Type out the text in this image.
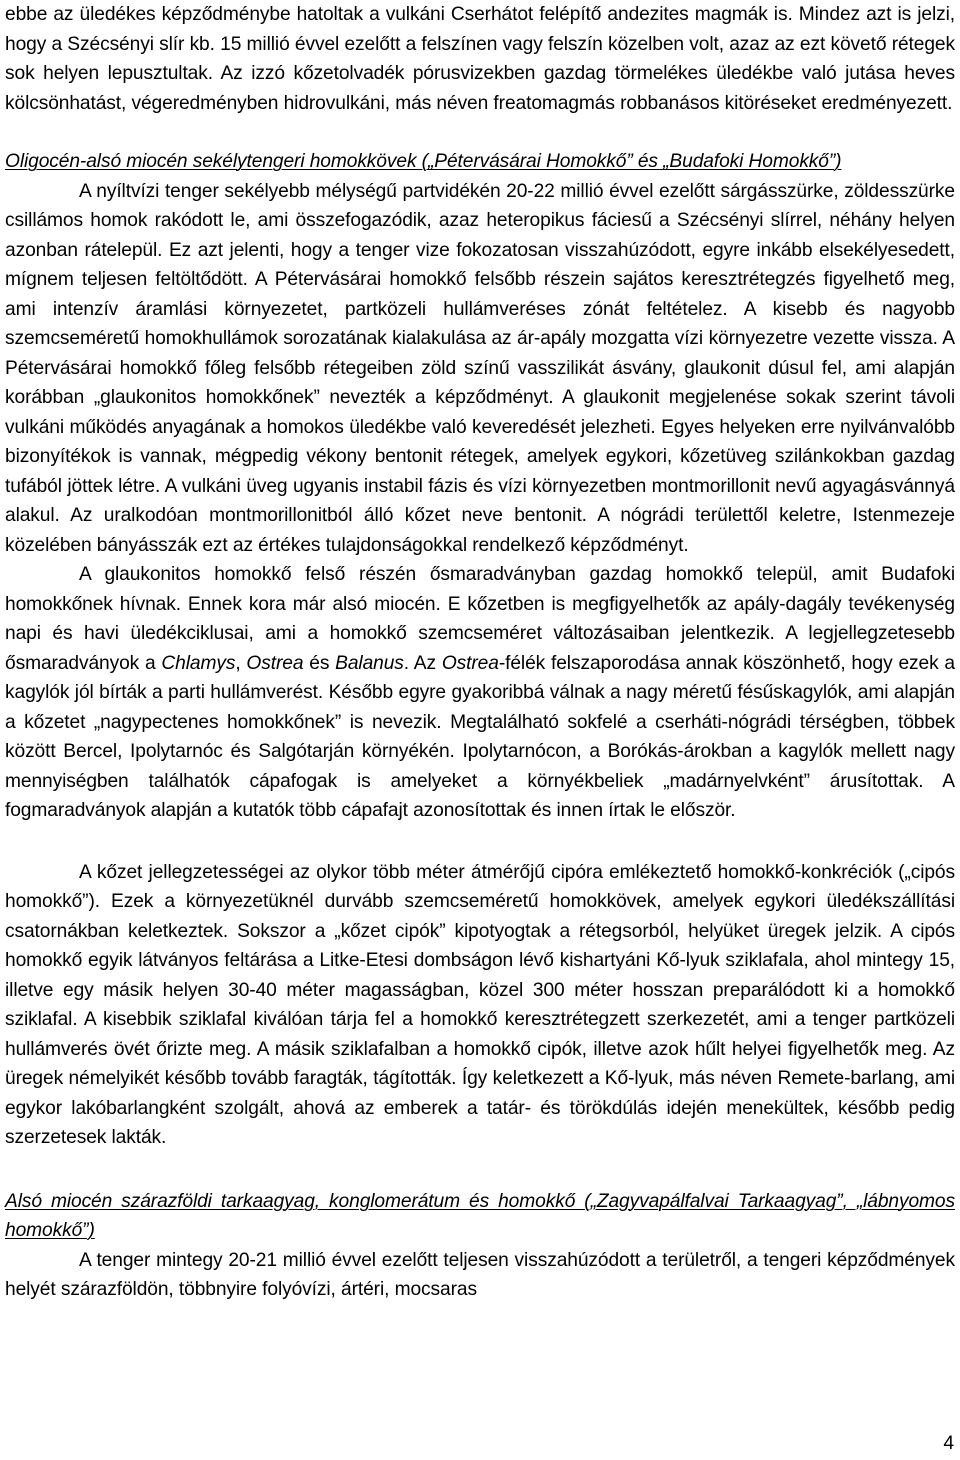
ebbe az üledékes képződménybe hatoltak a vulkáni Cserhátot felépítő andezites magmák is. Mindez azt is jelzi, hogy a Szécsényi slír kb. 15 millió évvel ezelőtt a felszínen vagy felszín közelben volt, azaz az ezt követő rétegek sok helyen lepusztultak. Az izzó kőzetolvadék pórusvizekben gazdag törmelékes üledékbe való jutása heves kölcsönhatást, végeredményben hidrovulkáni, más néven freatomagmás robbanásos kitöréseket eredményezett.

Oligocén-alsó miocén sekélytengeri homokkövek („Pétervásárai Homokkő” és „Budafoki Homokkő”)

A nyíltvízi tenger sekélyebb mélységű partvidékén 20-22 millió évvel ezelőtt sárgásszürke, zöldesszürke csillámos homok rakódott le, ami összefogazódik, azaz heteropikus fáciesű a Szécsényi slírrel, néhány helyen azonban rátelepül. Ez azt jelenti, hogy a tenger vize fokozatosan visszahúzódott, egyre inkább elsekélyesedett, mígnem teljesen feltöltődött. A Pétervásárai homokkő felsőbb részein sajátos keresztrétegzés figyelhető meg, ami intenzív áramlási környezetet, partközeli hullámveréses zónát feltételez. A kisebb és nagyobb szemcseméretű homokhullámok sorozatának kialakulása az ár-apály mozgatta vízi környezetre vezette vissza. A Pétervásárai homokkő főleg felsőbb rétegeiben zöld színű vasszilikát ásvány, glaukonit dúsul fel, ami alapján korábban „glaukonitos homokkőnek” nevezték a képződményt. A glaukonit megjelenése sokak szerint távoli vulkáni működés anyagának a homokos üledékbe való keveredését jelezheti. Egyes helyeken erre nyilvánvalóbb bizonyítékok is vannak, mégpedig vékony bentonit rétegek, amelyek egykori, kőzetüveg szilánkokban gazdag tufából jöttek létre. A vulkáni üveg ugyanis instabil fázis és vízi környezetben montmorillonit nevű agyagásvánnyá alakul. Az uralkodóan montmorillonitból álló kőzet neve bentonit. A nógrádi területtől keletre, Istenmezeje közelében bányásszák ezt az értékes tulajdonságokkal rendelkező képződményt.

A glaukonitos homokkő felső részén ősmaradványban gazdag homokkő települ, amit Budafoki homokkőnek hívnak. Ennek kora már alsó miocén. E kőzetben is megfigyelhetők az apály-dagály tevékenység napi és havi üledékciklusai, ami a homokkő szemcseméret változásaiban jelentkezik. A legjellegzetesebb ősmaradványok a Chlamys, Ostrea és Balanus. Az Ostrea-félék felszaporodása annak köszönhető, hogy ezek a kagylók jól bírták a parti hullámverést. Később egyre gyakoribbá válnak a nagy méretű fésűskagylók, ami alapján a kőzetet „nagypectenes homokkőnek” is nevezik. Megtalálható sokfelé a cserháti-nógrádi térségben, többek között Bercel, Ipolytarnóc és Salgótarján környékén. Ipolytarnócon, a Borókás-árokban a kagylók mellett nagy mennyiségben találhatók cápafogak is amelyeket a környékbeliek „madárnyelvként” árusítottak. A fogmaradványok alapján a kutatók több cápafajt azonosítottak és innen írtak le először.

A kőzet jellegzetességei az olykor több méter átmérőjű cipóra emlékeztető homokkő-konkréciók („cipós homokkő”). Ezek a környezetüknél durvább szemcseméretű homokkövek, amelyek egykori üledékszállítási csatornákban keletkeztek. Sokszor a „kőzet cipók” kipotyogtak a rétegsorból, helyüket üregek jelzik. A cipós homokkő egyik látványos feltárása a Litke-Etesi dombságon lévő kishartyáni Kő-lyuk sziklafala, ahol mintegy 15, illetve egy másik helyen 30-40 méter magasságban, közel 300 méter hosszan preparálódott ki a homokkő sziklafal. A kisebbik sziklafal kiválóan tárja fel a homokkő keresztrétegzett szerkezetét, ami a tenger partközeli hullámverés övét őrizte meg. A másik sziklafalban a homokkő cipók, illetve azok hűlt helyei figyelhetők meg. Az üregek némelyikét később tovább faragták, tágították. Így keletkezett a Kő-lyuk, más néven Remete-barlang, ami egykor lakóbarlangként szolgált, ahová az emberek a tatár- és törökdúlás idején menekültek, később pedig szerzetesek lakták.

Alsó miocén szárazföldi tarkaagyag, konglomerátum és homokkő („Zagyvapálfalvai Tarkaagyag”, „lábnyomos homokkő”)

A tenger mintegy 20-21 millió évvel ezelőtt teljesen visszahúzódott a területről, a tengeri képződmények helyét szárazföldön, többnyire folyóvízi, ártéri, mocsaras

4
